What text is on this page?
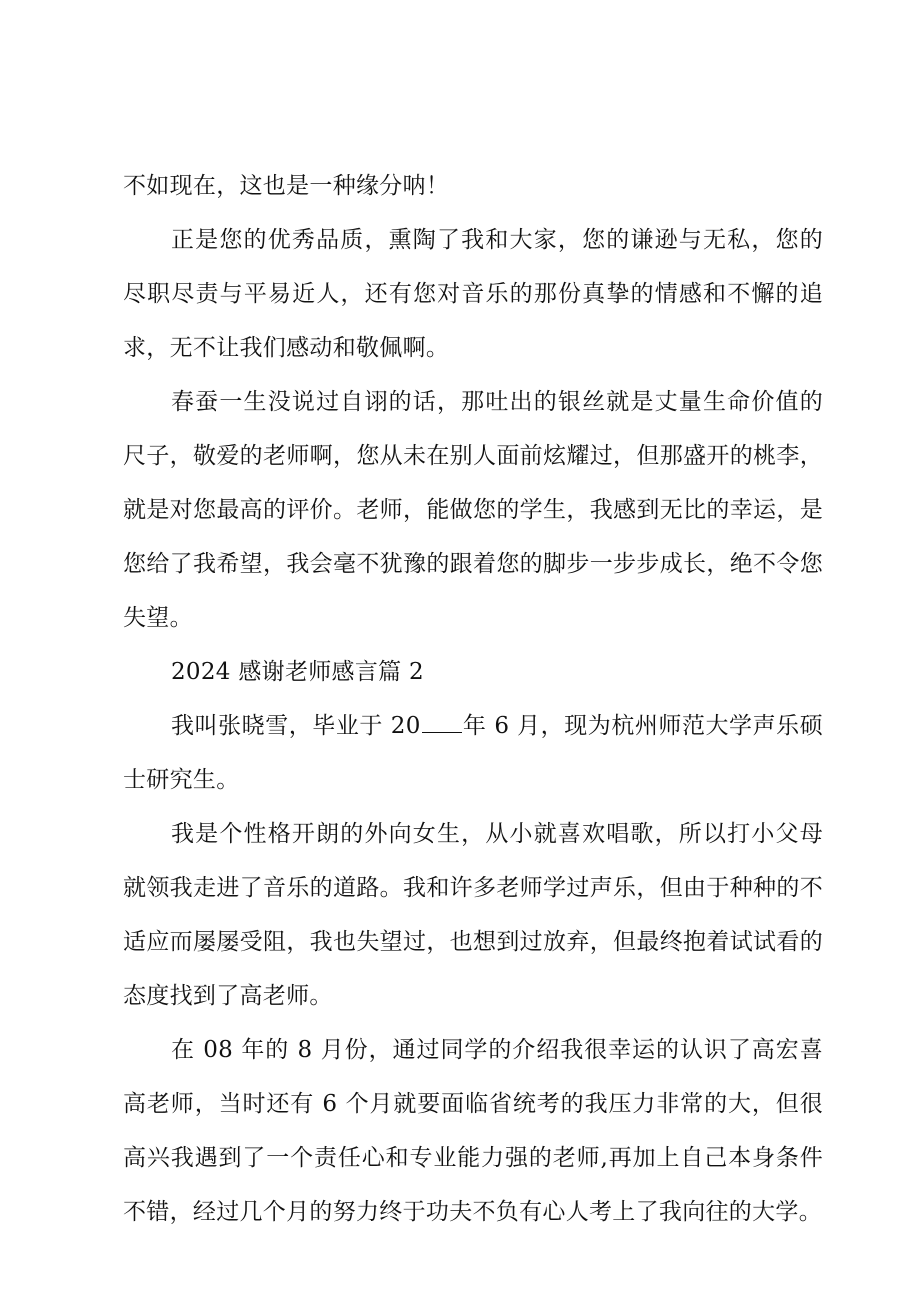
不如现在，这也是一种缘分呐！

正是您的优秀品质，熏陶了我和大家，您的谦逊与无私，您的尽职尽责与平易近人，还有您对音乐的那份真挚的情感和不懈的追求，无不让我们感动和敬佩啊。

春蚕一生没说过自诩的话，那吐出的银丝就是丈量生命价值的尺子，敬爱的老师啊，您从未在别人面前炫耀过，但那盛开的桃李，就是对您最高的评价。老师，能做您的学生，我感到无比的幸运，是您给了我希望，我会毫不犹豫的跟着您的脚步一步步成长，绝不令您失望。

2024 感谢老师感言篇 2

我叫张晓雪，毕业于 20 年 6 月，现为杭州师范大学声乐硕士研究生。

我是个性格开朗的外向女生，从小就喜欢唱歌，所以打小父母就领我走进了音乐的道路。我和许多老师学过声乐，但由于种种的不适应而屡屡受阻，我也失望过，也想到过放弃，但最终抱着试试看的态度找到了高老师。

在 08 年的 8 月份，通过同学的介绍我很幸运的认识了高宏喜高老师，当时还有 6 个月就要面临省统考的我压力非常的大，但很高兴我遇到了一个责任心和专业能力强的老师,再加上自己本身条件不错，经过几个月的努力终于功夫不负有心人考上了我向往的大学。
